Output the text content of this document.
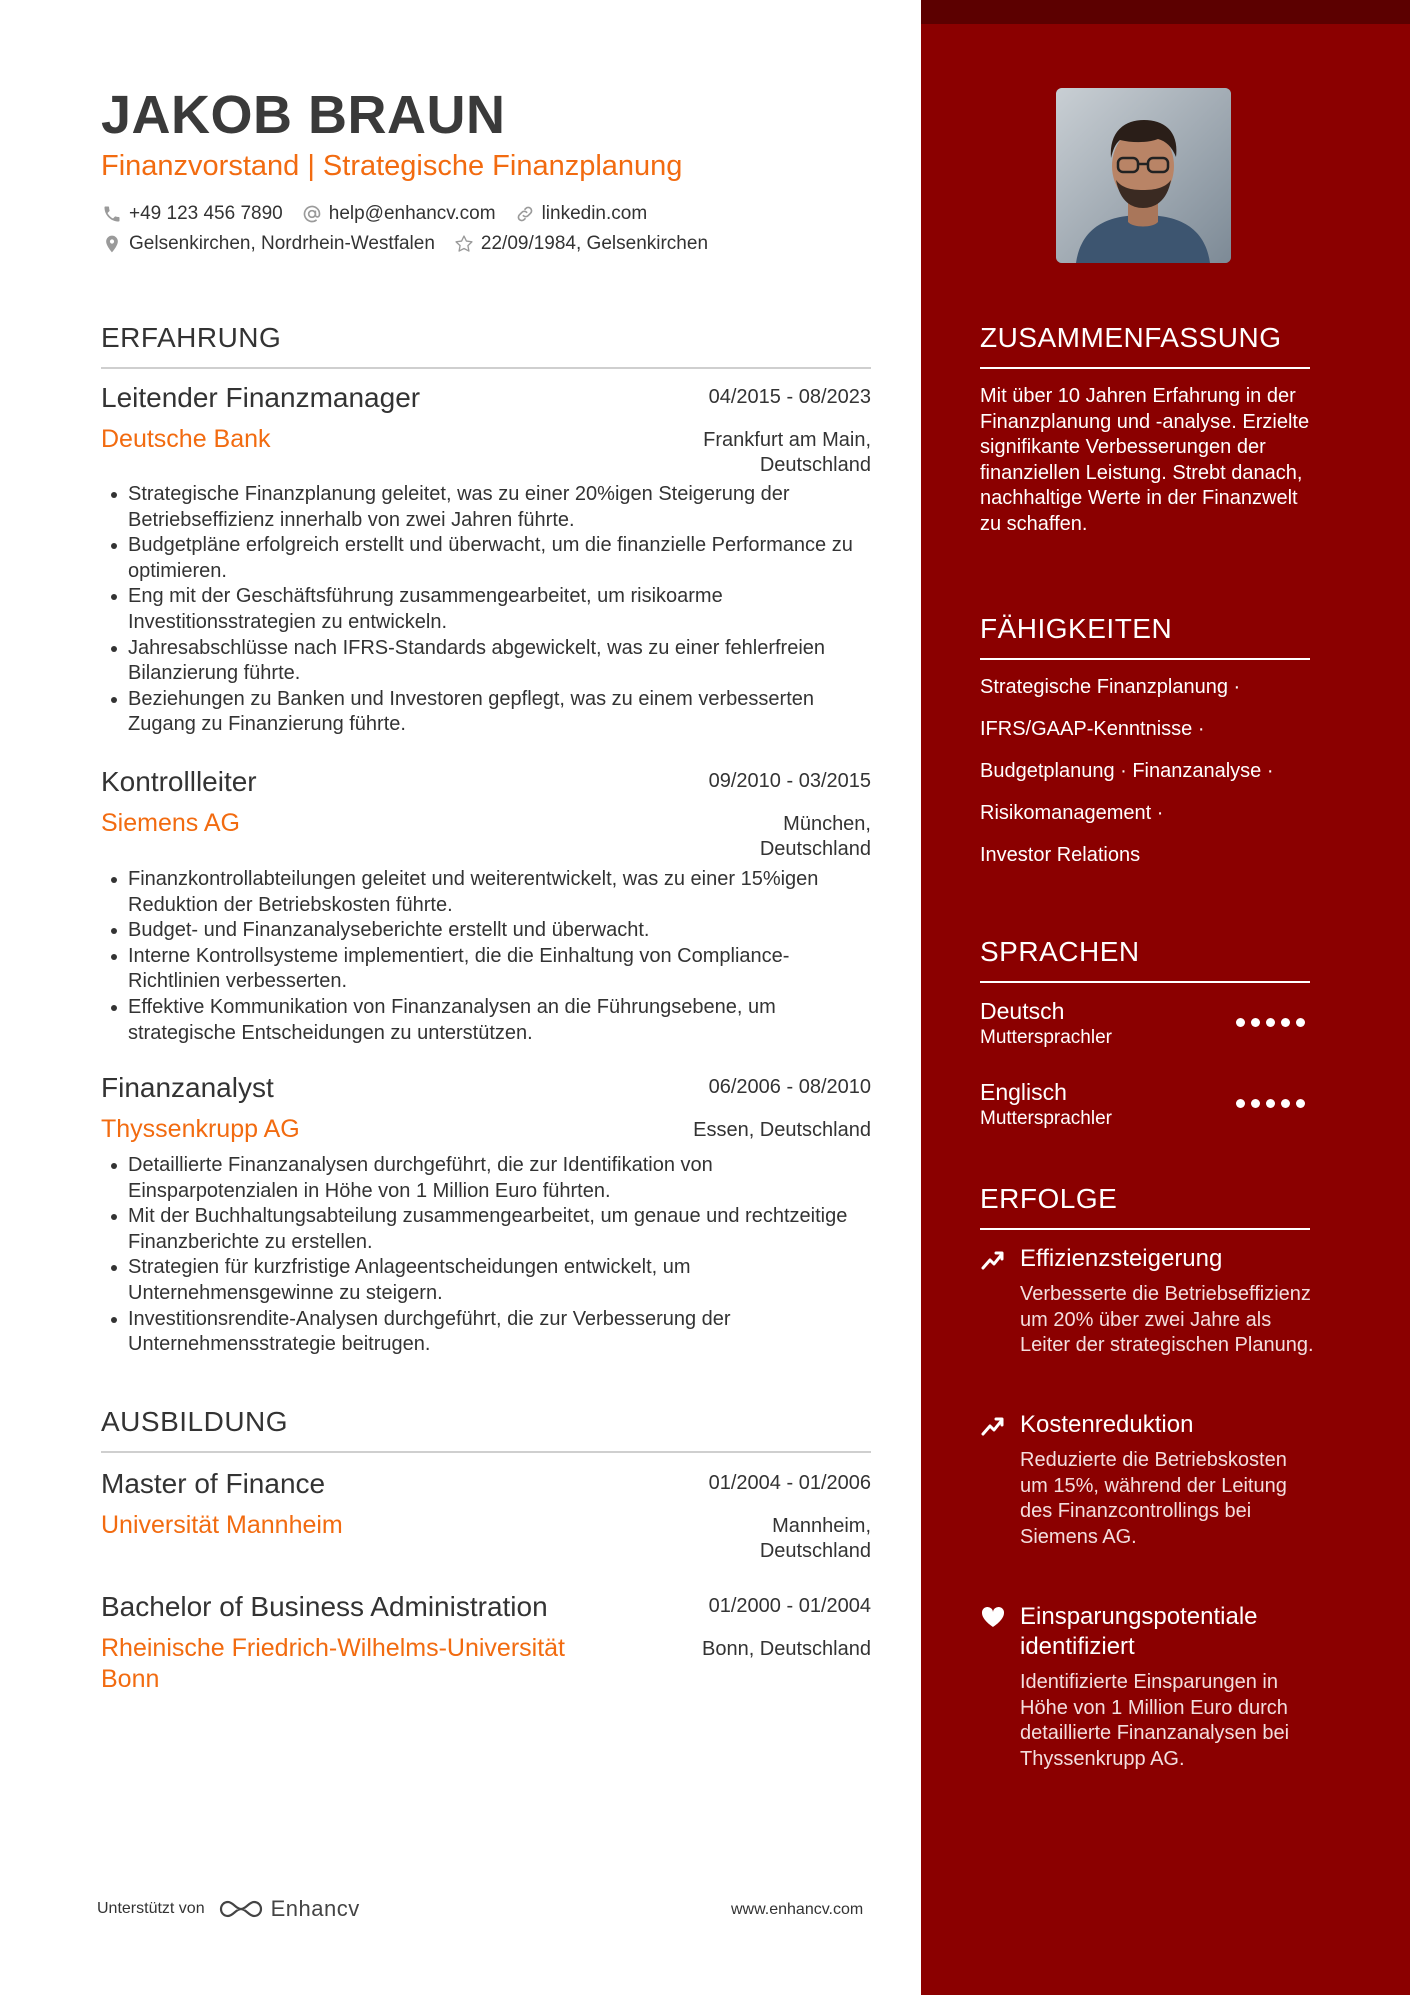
JAKOB BRAUN
Finanzvorstand | Strategische Finanzplanung
+49 123 456 7890 help@enhancv.com linkedin.com
Gelsenkirchen, Nordrhein-Westfalen 22/09/1984, Gelsenkirchen
ERFAHRUNG
Leitender Finanzmanager	04/2015 - 08/2023
Deutsche Bank	Frankfurt am Main,
Deutschland
Strategische Finanzplanung geleitet, was zu einer 20%igen Steigerung der Betriebseffizienz innerhalb von zwei Jahren führte.
Budgetpläne erfolgreich erstellt und überwacht, um die finanzielle Performance zu optimieren.
Eng mit der Geschäftsführung zusammengearbeitet, um risikoarme Investitionsstrategien zu entwickeln.
Jahresabschlüsse nach IFRS-Standards abgewickelt, was zu einer fehlerfreien Bilanzierung führte.
Beziehungen zu Banken und Investoren gepflegt, was zu einem verbesserten Zugang zu Finanzierung führte.
Kontrollleiter	09/2010 - 03/2015
Siemens AG	München,
Deutschland
Finanzkontrollabteilungen geleitet und weiterentwickelt, was zu einer 15%igen Reduktion der Betriebskosten führte.
Budget- und Finanzanalyseberichte erstellt und überwacht.
Interne Kontrollsysteme implementiert, die die Einhaltung von Compliance-Richtlinien verbesserten.
Effektive Kommunikation von Finanzanalysen an die Führungsebene, um strategische Entscheidungen zu unterstützen.
Finanzanalyst	06/2006 - 08/2010
Thyssenkrupp AG	Essen, Deutschland
Detaillierte Finanzanalysen durchgeführt, die zur Identifikation von Einsparpotenzialen in Höhe von 1 Million Euro führten.
Mit der Buchhaltungsabteilung zusammengearbeitet, um genaue und rechtzeitige Finanzberichte zu erstellen.
Strategien für kurzfristige Anlageentscheidungen entwickelt, um Unternehmensgewinne zu steigern.
Investitionsrendite-Analysen durchgeführt, die zur Verbesserung der Unternehmensstrategie beitrugen.
AUSBILDUNG
Master of Finance	01/2004 - 01/2006
Universität Mannheim	Mannheim,
Deutschland
Bachelor of Business Administration	01/2000 - 01/2004
Rheinische Friedrich-Wilhelms-Universität
Bonn
Bonn, Deutschland
Unterstützt von	Enhancv	www.enhancv.com
ZUSAMMENFASSUNG
Mit über 10 Jahren Erfahrung in der Finanzplanung und -analyse. Erzielte signifikante Verbesserungen der finanziellen Leistung. Strebt danach, nachhaltige Werte in der Finanzwelt zu schaffen.
FÄHIGKEITEN
Strategische Finanzplanung ·
IFRS/GAAP-Kenntnisse ·
Budgetplanung · Finanzanalyse ·
Risikomanagement ·
Investor Relations
SPRACHEN
Deutsch
Muttersprachler
Englisch
Muttersprachler
ERFOLGE
Effizienzsteigerung
Verbesserte die Betriebseffizienz um 20% über zwei Jahre als Leiter der strategischen Planung.
Kostenreduktion
Reduzierte die Betriebskosten um 15%, während der Leitung des Finanzcontrollings bei Siemens AG.
Einsparungspotentiale
identifiziert
Identifizierte Einsparungen in Höhe von 1 Million Euro durch detaillierte Finanzanalysen bei Thyssenkrupp AG.
